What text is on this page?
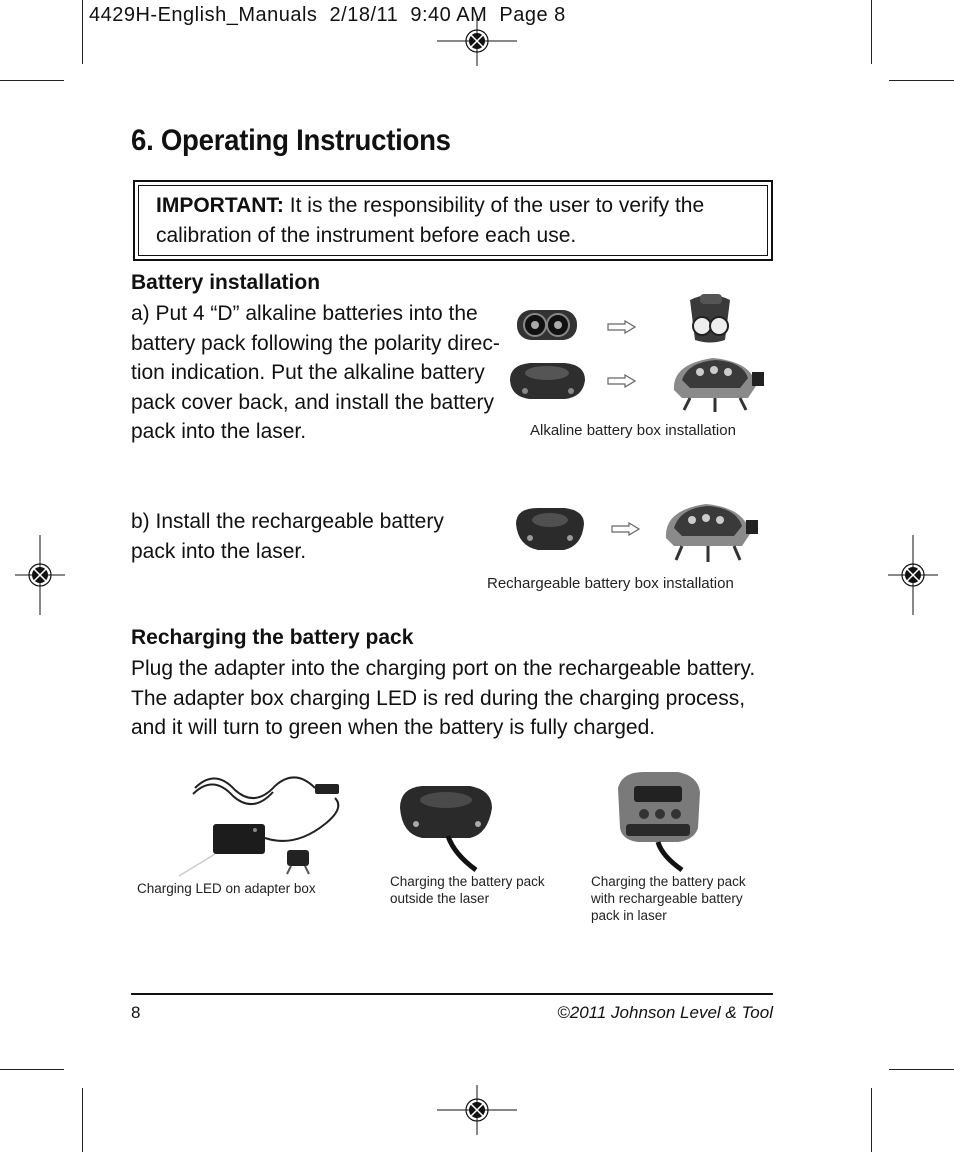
4429H-English_Manuals  2/18/11  9:40 AM  Page 8
6. Operating Instructions
IMPORTANT: It is the responsibility of the user to verify the calibration of the instrument before each use.
Battery installation
a) Put 4 “D” alkaline batteries into the
battery pack following the polarity direc-
tion indication. Put the alkaline battery
pack cover back, and install the battery
pack into the laser.	Alkaline battery box installation
b) Install the rechargeable battery
pack into the laser.
Rechargeable battery box installation
Recharging the battery pack
Plug the adapter into the charging port on the rechargeable battery.
The adapter box charging LED is red during the charging process,
and it will turn to green when the battery is fully charged.
Charging LED on adapter box	Charging the battery pack
outside the laser
Charging the battery pack
with rechargeable battery
pack in laser
8	©2011 Johnson Level & Tool
